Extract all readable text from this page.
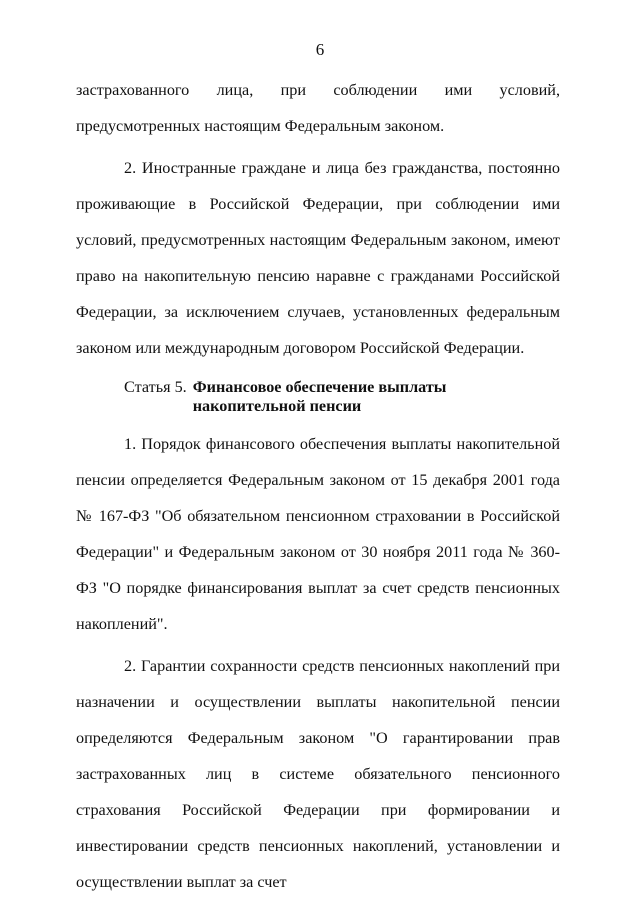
6

застрахованного лица, при соблюдении ими условий, предусмотренных настоящим Федеральным законом.

2. Иностранные граждане и лица без гражданства, постоянно проживающие в Российской Федерации, при соблюдении ими условий, предусмотренных настоящим Федеральным законом, имеют право на накопительную пенсию наравне с гражданами Российской Федерации, за исключением случаев, установленных федеральным законом или международным договором Российской Федерации.

Статья 5. Финансовое обеспечение выплаты накопительной пенсии

1. Порядок финансового обеспечения выплаты накопительной пенсии определяется Федеральным законом от 15 декабря 2001 года № 167-ФЗ "Об обязательном пенсионном страховании в Российской Федерации" и Федеральным законом от 30 ноября 2011 года № 360-ФЗ "О порядке финансирования выплат за счет средств пенсионных накоплений".

2. Гарантии сохранности средств пенсионных накоплений при назначении и осуществлении выплаты накопительной пенсии определяются Федеральным законом "О гарантировании прав застрахованных лиц в системе обязательного пенсионного страхования Российской Федерации при формировании и инвестировании средств пенсионных накоплений, установлении и осуществлении выплат за счет
